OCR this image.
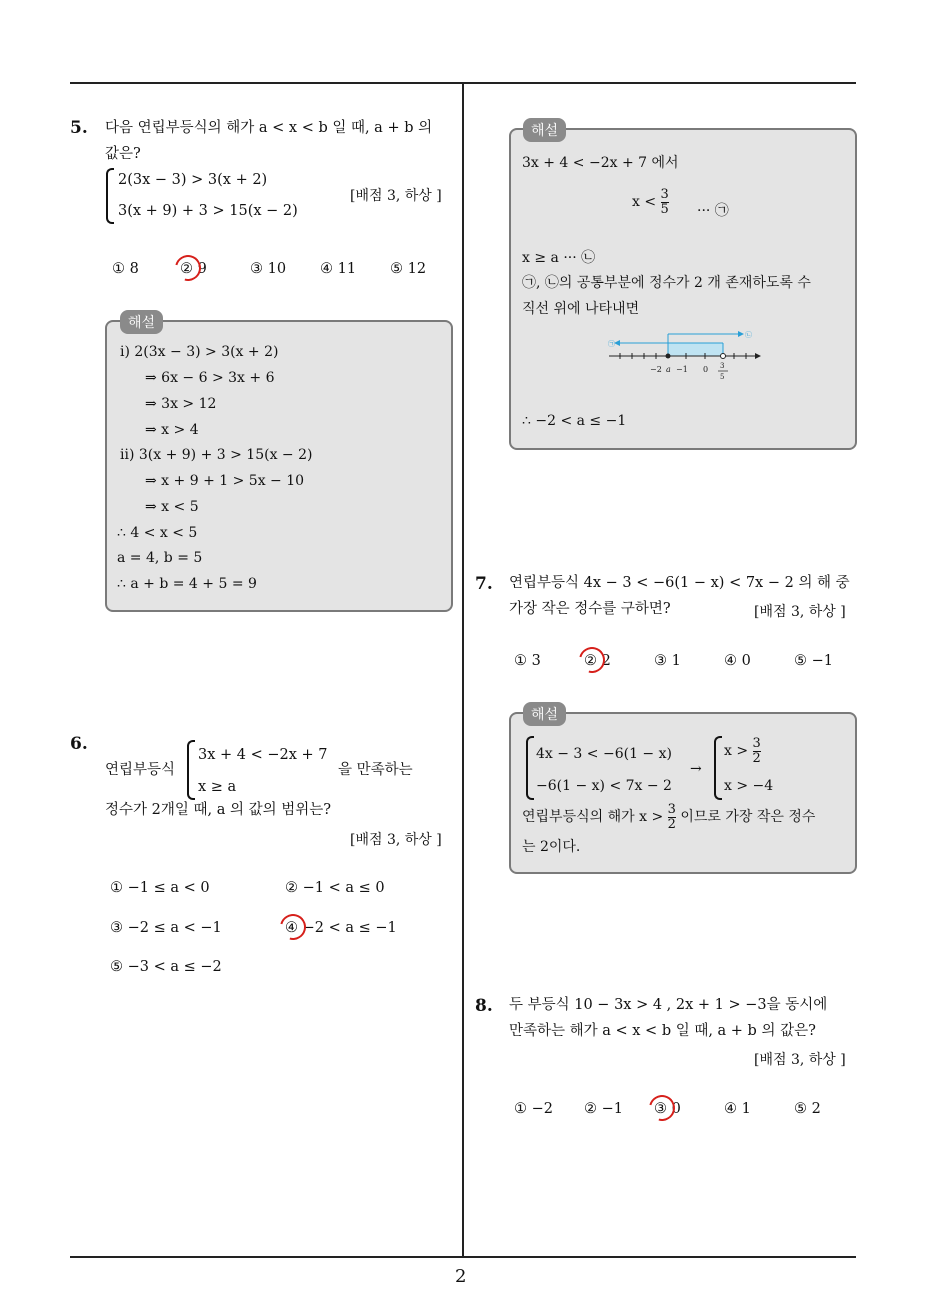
2
5. 다음 연립부등식의 해가 a < x < b 일 때, a + b 의
값은?
2(3x − 3) > 3(x + 2)
3(x + 9) + 3 > 15(x − 2)
[배점 3, 하상 ]
① 8	② 9	③ 10 ④ 11 ⑤ 12
해설
ⅰ) 2(3x − 3) > 3(x + 2)
⇒ 6x − 6 > 3x + 6
⇒ 3x > 12
⇒ x > 4
ⅱ) 3(x + 9) + 3 > 15(x − 2)
⇒ x + 9 + 1 > 5x − 10
⇒ x < 5
∴ 4 < x < 5
a = 4, b = 5
∴ a + b = 4 + 5 = 9
6.
연립부등식
3x + 4 < −2x + 7
x ≥ a
을 만족하는
정수가 2개일 때, a 의 값의 범위는?
[배점 3, 하상 ]
① −1 ≤ a < 0	② −1 < a ≤ 0
③ −2 ≤ a < −1	④ −2 < a ≤ −1
⑤ −3 < a ≤ −2
해설
3x + 4 < −2x + 7 에서
$x < \frac{3}{5}$ ··· ㉠
x ≥ a ··· ㉡
㉠, ㉡의 공통부분에 정수가 2 개 존재하도록 수
직선 위에 나타내면
㉠
㉡
−2 a −1 0 3
5
∴ −2 < a ≤ −1
7. 연립부등식 4x − 3 < −6(1 − x) < 7x − 2 의 해 중
가장 작은 정수를 구하면?	[배점 3, 하상 ]
① 3	② 2	③ 1	④ 0	⑤ −1
해설
4x − 3 < −6(1 − x)
−6(1 − x) < 7x − 2
→
$x > \frac{3}{2}$
x > −4
연립부등식의 해가 $x > \frac{3}{2}$ 이므로 가장 작은 정수
는 2이다.
8. 두 부등식 10 − 3x > 4 , 2x + 1 > −3을 동시에
만족하는 해가 a < x < b 일 때, a + b 의 값은?
[배점 3, 하상 ]
① −2 ② −1 ③ 0	④ 1	⑤ 2
